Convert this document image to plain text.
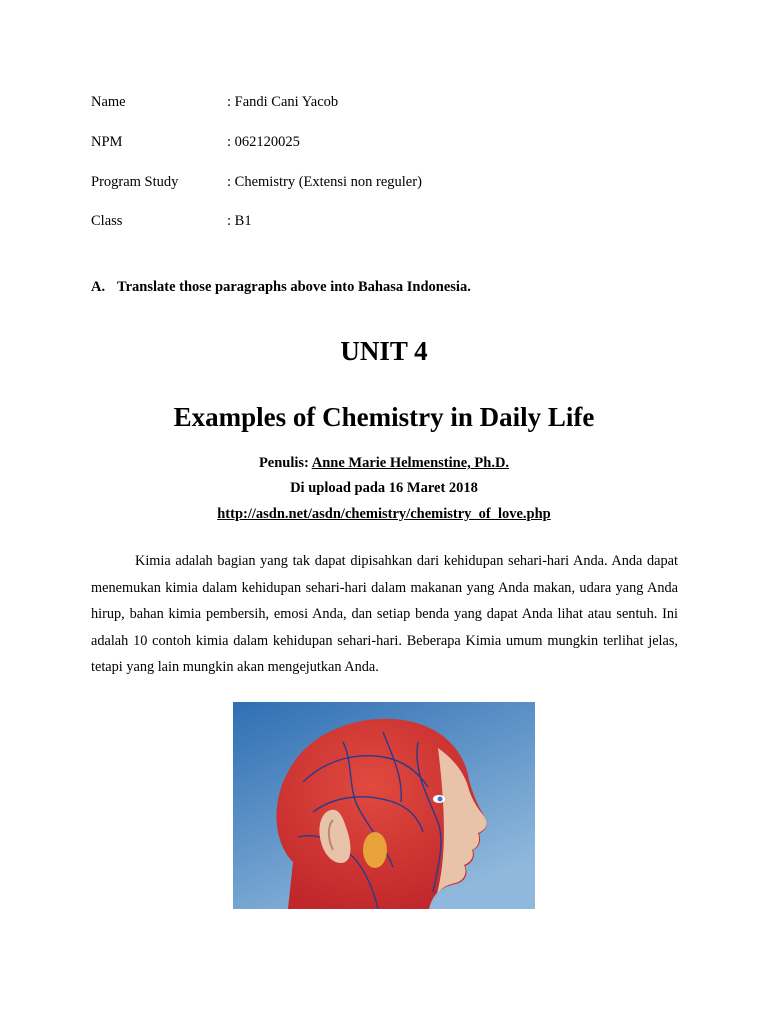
Name	: Fandi Cani Yacob
NPM	: 062120025
Program Study	: Chemistry (Extensi non reguler)
Class	: B1
A. Translate those paragraphs above into Bahasa Indonesia.
UNIT 4
Examples of Chemistry in Daily Life
Penulis: Anne Marie Helmenstine, Ph.D.
Di upload pada 16 Maret 2018
http://asdn.net/asdn/chemistry/chemistry_of_love.php

Kimia adalah bagian yang tak dapat dipisahkan dari kehidupan sehari-hari Anda. Anda dapat menemukan kimia dalam kehidupan sehari-hari dalam makanan yang Anda makan, udara yang Anda hirup, bahan kimia pembersih, emosi Anda, dan setiap benda yang dapat Anda lihat atau sentuh. Ini adalah 10 contoh kimia dalam kehidupan sehari-hari. Beberapa Kimia umum mungkin terlihat jelas, tetapi yang lain mungkin akan mengejutkan Anda.
